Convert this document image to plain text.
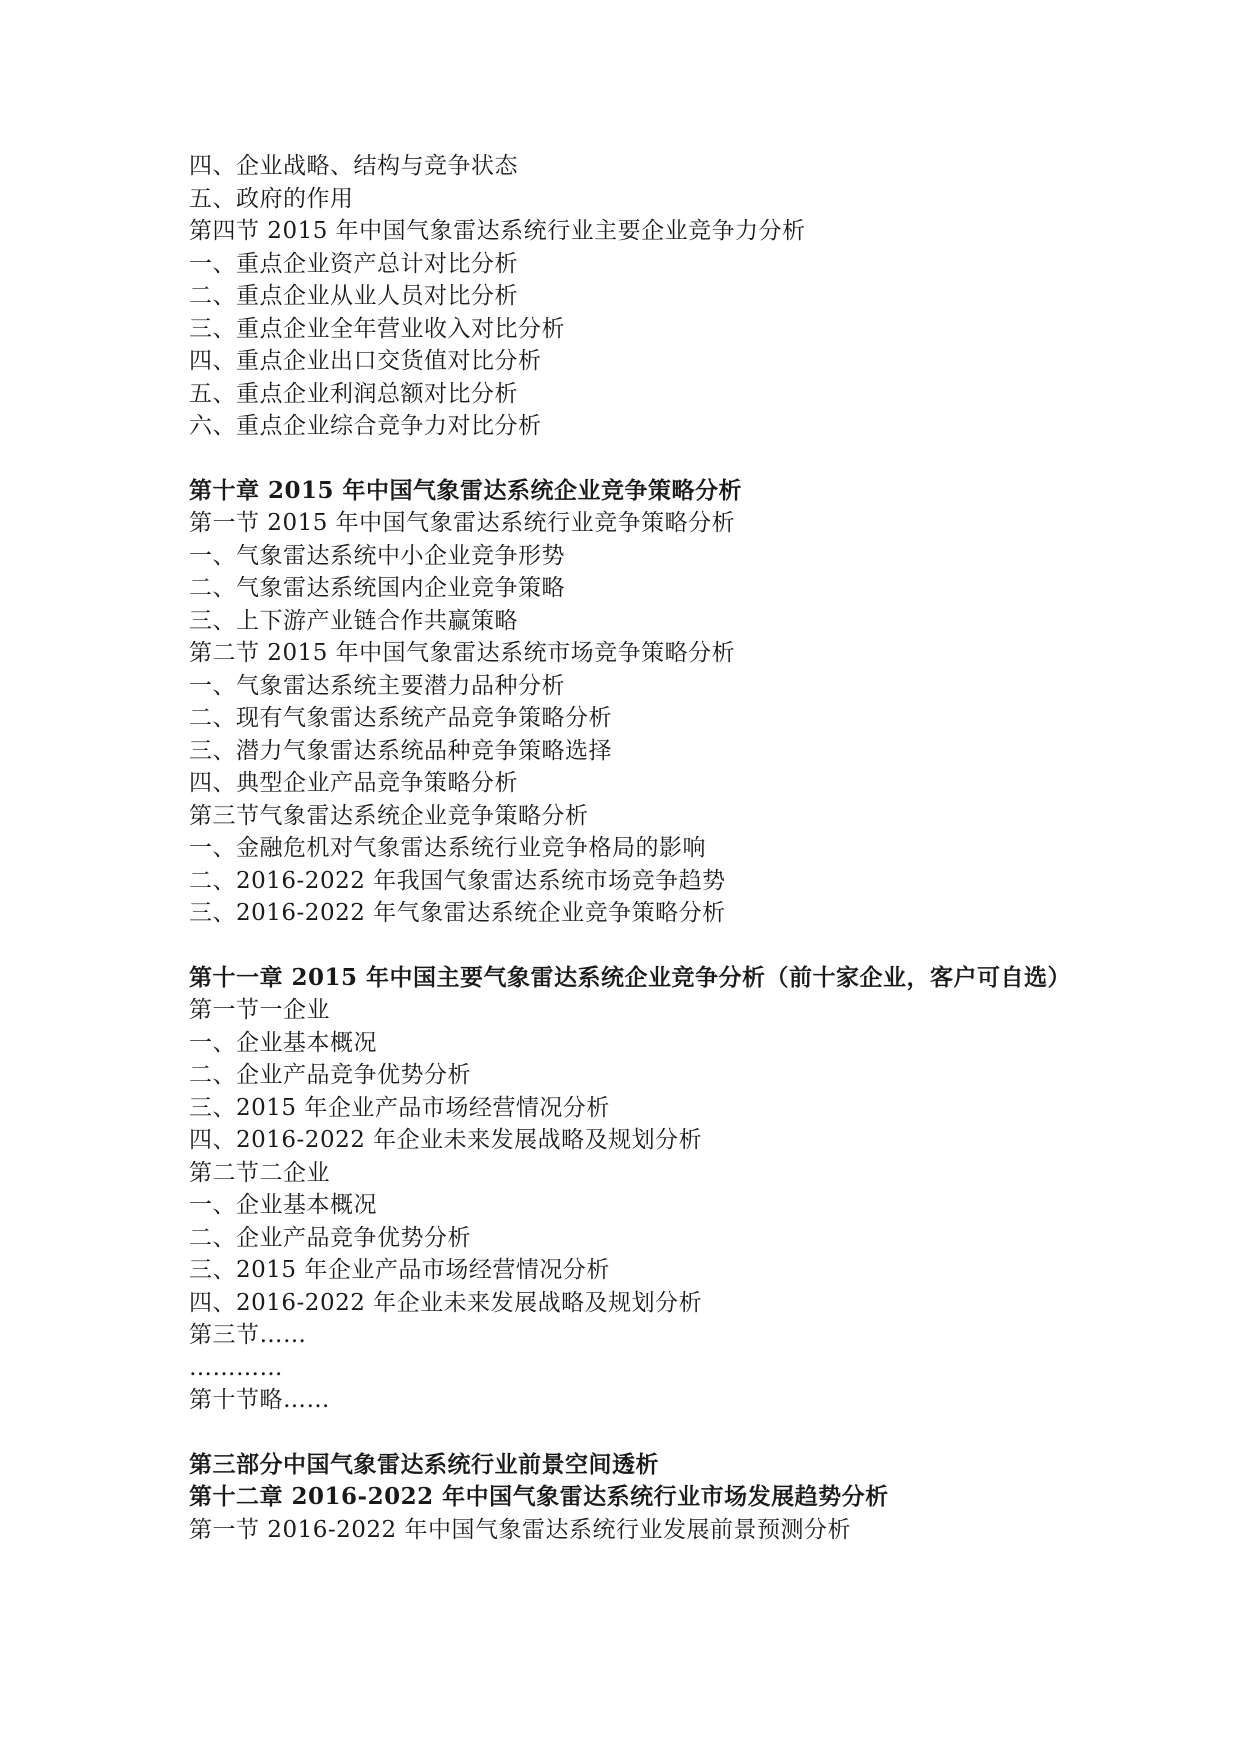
四、企业战略、结构与竞争状态
五、政府的作用
第四节 2015 年中国气象雷达系统行业主要企业竞争力分析
一、重点企业资产总计对比分析
二、重点企业从业人员对比分析
三、重点企业全年营业收入对比分析
四、重点企业出口交货值对比分析
五、重点企业利润总额对比分析
六、重点企业综合竞争力对比分析
第十章 2015 年中国气象雷达系统企业竞争策略分析
第一节 2015 年中国气象雷达系统行业竞争策略分析
一、气象雷达系统中小企业竞争形势
二、气象雷达系统国内企业竞争策略
三、上下游产业链合作共赢策略
第二节 2015 年中国气象雷达系统市场竞争策略分析
一、气象雷达系统主要潜力品种分析
二、现有气象雷达系统产品竞争策略分析
三、潜力气象雷达系统品种竞争策略选择
四、典型企业产品竞争策略分析
第三节气象雷达系统企业竞争策略分析
一、金融危机对气象雷达系统行业竞争格局的影响
二、2016-2022 年我国气象雷达系统市场竞争趋势
三、2016-2022 年气象雷达系统企业竞争策略分析
第十一章 2015 年中国主要气象雷达系统企业竞争分析（前十家企业，客户可自选）
第一节一企业
一、企业基本概况
二、企业产品竞争优势分析
三、2015 年企业产品市场经营情况分析
四、2016-2022 年企业未来发展战略及规划分析
第二节二企业
一、企业基本概况
二、企业产品竞争优势分析
三、2015 年企业产品市场经营情况分析
四、2016-2022 年企业未来发展战略及规划分析
第三节……
…………
第十节略……
第三部分中国气象雷达系统行业前景空间透析
第十二章 2016-2022 年中国气象雷达系统行业市场发展趋势分析
第一节 2016-2022 年中国气象雷达系统行业发展前景预测分析
